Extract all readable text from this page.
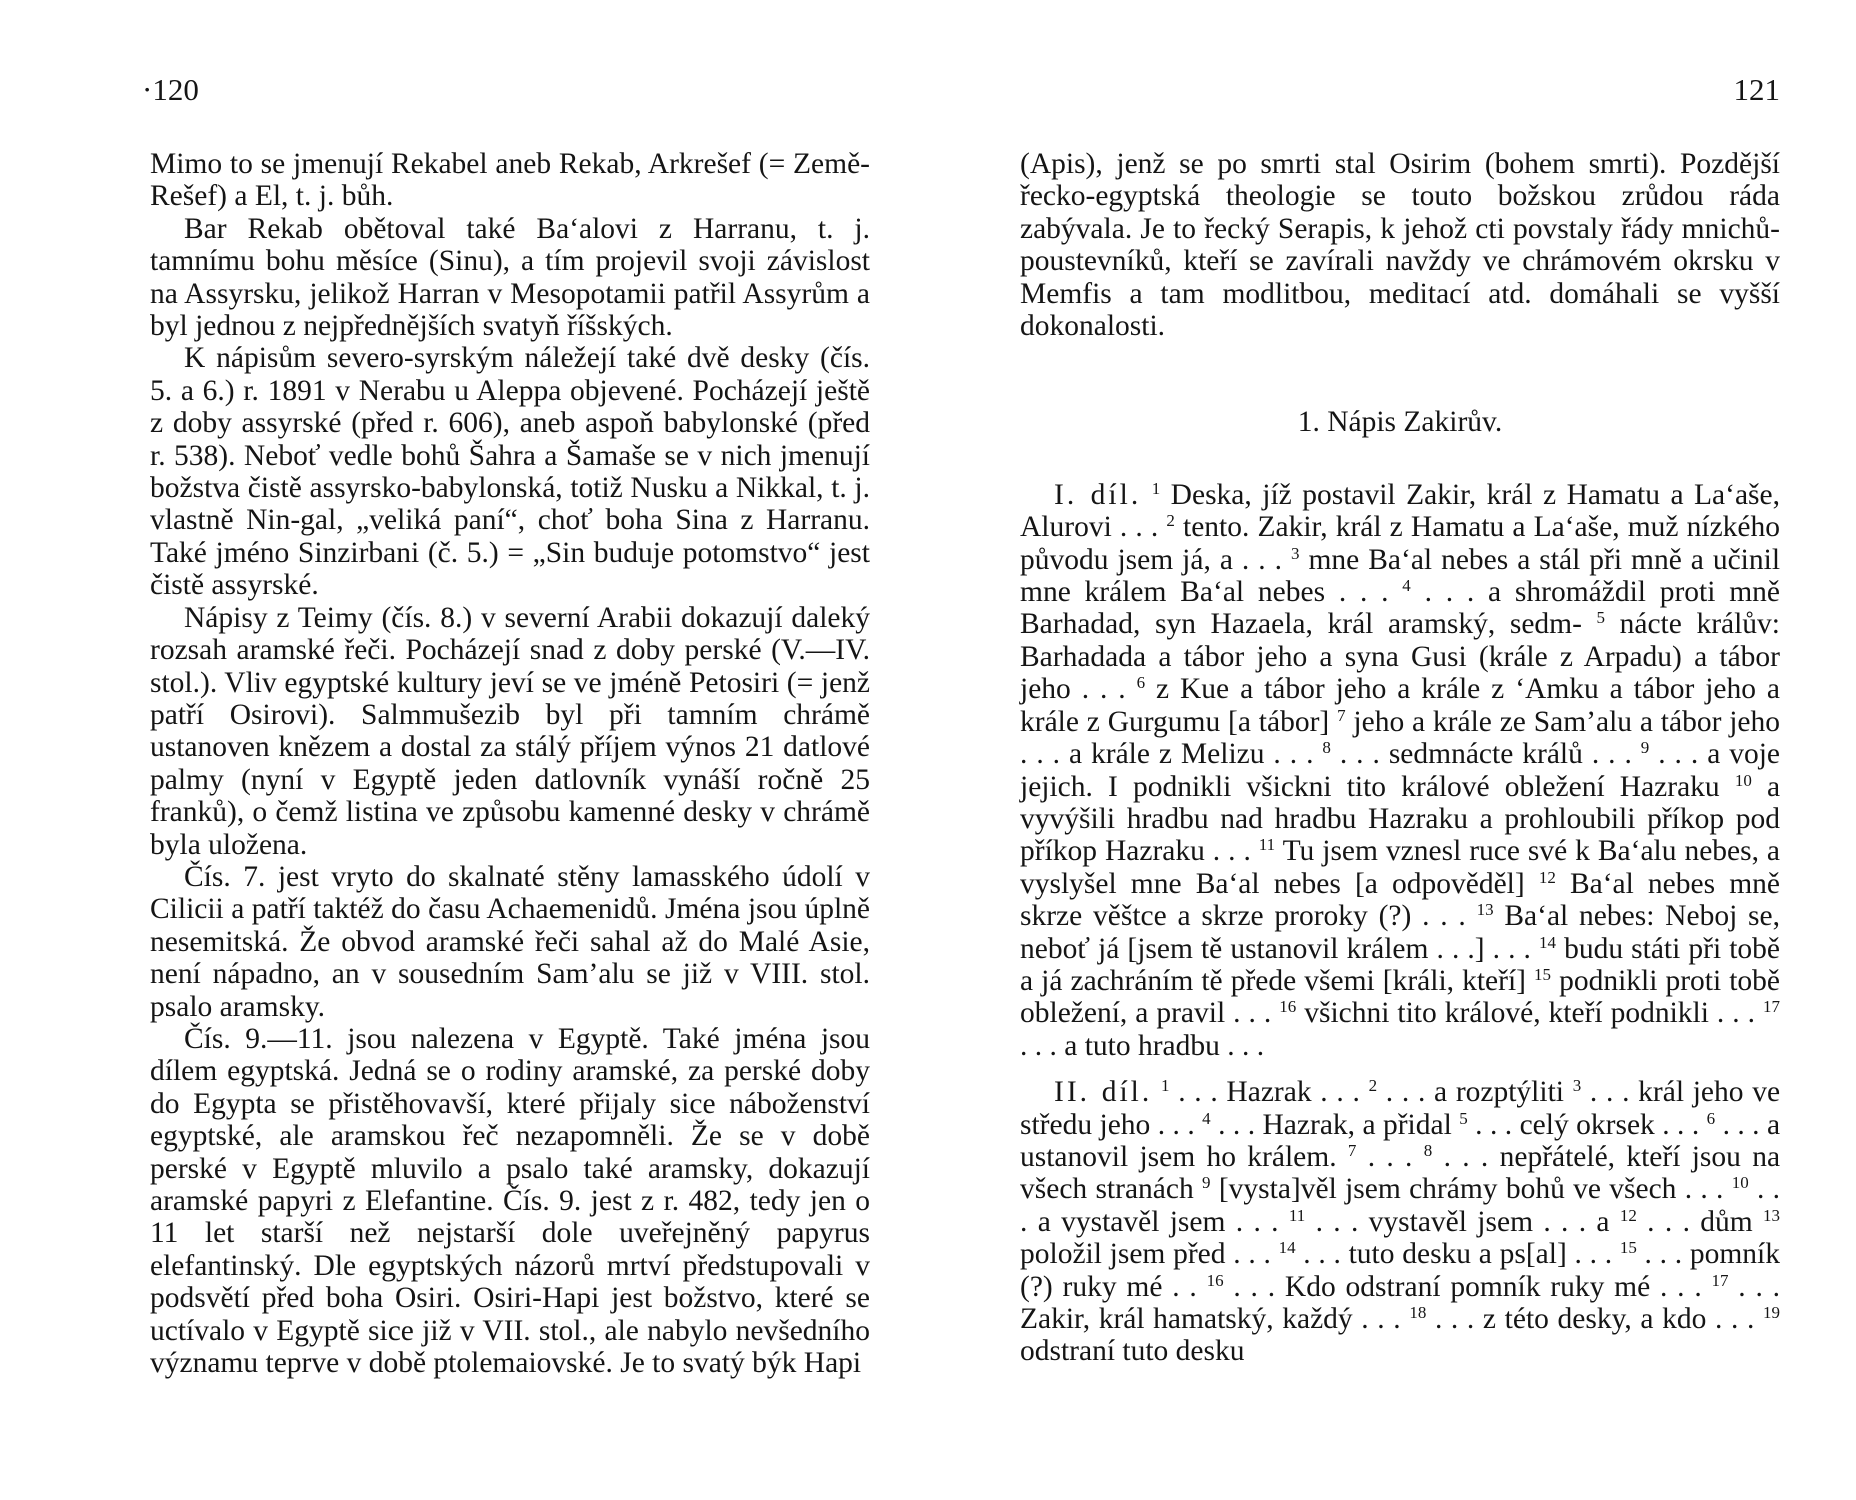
·120

Mimo to se jmenují Rekabel aneb Rekab, Arkrešef (= Země-Rešef) a El, t. j. bůh.

Bar Rekab obětoval také Ba‘alovi z Harranu, t. j. tamnímu bohu měsíce (Sinu), a tím projevil svoji závislost na Assyrsku, jelikož Harran v Mesopotamii patřil Assyrům a byl jednou z nejpřednějších svatyň říšských.

K nápisům severo-syrským náležejí také dvě desky (čís. 5. a 6.) r. 1891 v Nerabu u Aleppa objevené. Pocházejí ještě z doby assyrské (před r. 606), aneb aspoň babylonské (před r. 538). Neboť vedle bohů Šahra a Šamaše se v nich jmenují božstva čistě assyrsko-babylonská, totiž Nusku a Nikkal, t. j. vlastně Nin-gal, „veliká paní“, choť boha Sina z Harranu. Také jméno Sinzirbani (č. 5.) = „Sin buduje potomstvo“ jest čistě assyrské.

Nápisy z Teimy (čís. 8.) v severní Arabii dokazují daleký rozsah aramské řeči. Pocházejí snad z doby perské (V.—IV. stol.). Vliv egyptské kultury jeví se ve jméně Petosiri (= jenž patří Osirovi). Salmmušezib byl při tamním chrámě ustanoven knězem a dostal za stálý příjem výnos 21 datlové palmy (nyní v Egyptě jeden datlovník vynáší ročně 25 franků), o čemž listina ve způsobu kamenné desky v chrámě byla uložena.

Čís. 7. jest vryto do skalnaté stěny lamasského údolí v Cilicii a patří taktéž do času Achaemenidů. Jména jsou úplně nesemitská. Že obvod aramské řeči sahal až do Malé Asie, není nápadno, an v sousedním Sam’alu se již v VIII. stol. psalo aramsky.

Čís. 9.—11. jsou nalezena v Egyptě. Také jména jsou dílem egyptská. Jedná se o rodiny aramské, za perské doby do Egypta se přistěhovavší, které přijaly sice náboženství egyptské, ale aramskou řeč nezapomněli. Že se v době perské v Egyptě mluvilo a psalo také aramsky, dokazují aramské papyri z Elefantine. Čís. 9. jest z r. 482, tedy jen o 11 let starší než nejstarší dole uveřejněný papyrus elefantinský. Dle egyptských názorů mrtví předstupovali v podsvětí před boha Osiri. Osiri-Hapi jest božstvo, které se uctívalo v Egyptě sice již v VII. stol., ale nabylo nevšedního významu teprve v době ptolemaiovské. Je to svatý býk Hapi

121

(Apis), jenž se po smrti stal Osirim (bohem smrti). Pozdější řecko-egyptská theologie se touto božskou zrůdou ráda zabývala. Je to řecký Serapis, k jehož cti povstaly řády mnichů-poustevníků, kteří se zavírali navždy ve chrámovém okrsku v Memfis a tam modlitbou, meditací atd. domáhali se vyšší dokonalosti.

1. Nápis Zakirův.

I. díl. $^1$ Deska, jíž postavil Zakir, král z Hamatu a La‘aše, Alurovi . . . $^2$ tento. Zakir, král z Hamatu a La‘aše, muž nízkého původu jsem já, a . . . $^3$ mne Ba‘al nebes a stál při mně a učinil mne králem Ba‘al nebes . . . $^4$ . . . a shromáždil proti mně Barhadad, syn Hazaela, král aramský, sedm- $^5$ nácte králův: Barhadada a tábor jeho a syna Gusi (krále z Arpadu) a tábor jeho . . . $^6$ z Kue a tábor jeho a krále z ‘Amku a tábor jeho a krále z Gurgumu [a tábor] $^7$ jeho a krále ze Sam’alu a tábor jeho . . . a krále z Melizu . . . $^8$ . . . sedmnácte králů . . . $^9$ . . . a voje jejich. I podnikli všickni tito králové obležení Hazraku $^{10}$ a vyvýšili hradbu nad hradbu Hazraku a prohloubili příkop pod příkop Hazraku . . . $^{11}$ Tu jsem vznesl ruce své k Ba‘alu nebes, a vyslyšel mne Ba‘al nebes [a odpověděl] $^{12}$ Ba‘al nebes mně skrze věštce a skrze proroky (?) . . . $^{13}$ Ba‘al nebes: Neboj se, neboť já [jsem tě ustanovil králem . . .] . . . $^{14}$ budu státi při tobě a já zachráním tě přede všemi [králi, kteří] $^{15}$ podnikli proti tobě obležení, a pravil . . . $^{16}$ všichni tito králové, kteří podnikli . . . $^{17}$ . . . a tuto hradbu . . .

II. díl. $^1$ . . . Hazrak . . . $^2$ . . . a rozptýliti $^3$ . . . král jeho ve středu jeho . . . $^4$ . . . Hazrak, a přidal $^5$ . . . celý okrsek . . . $^6$ . . . a ustanovil jsem ho králem. $^7$ . . . $^8$ . . . nepřátelé, kteří jsou na všech stranách $^9$ [vysta]věl jsem chrámy bohů ve všech . . . $^{10}$ . . . a vystavěl jsem . . . $^{11}$ . . . vystavěl jsem . . . a $^{12}$ . . . dům $^{13}$ položil jsem před . . . $^{14}$ . . . tuto desku a ps[al] . . . $^{15}$ . . . pomník (?) ruky mé . . $^{16}$ . . . Kdo odstraní pomník ruky mé . . . $^{17}$ . . . Zakir, král hamatský, každý . . . $^{18}$ . . . z této desky, a kdo . . . $^{19}$ odstraní tuto desku
